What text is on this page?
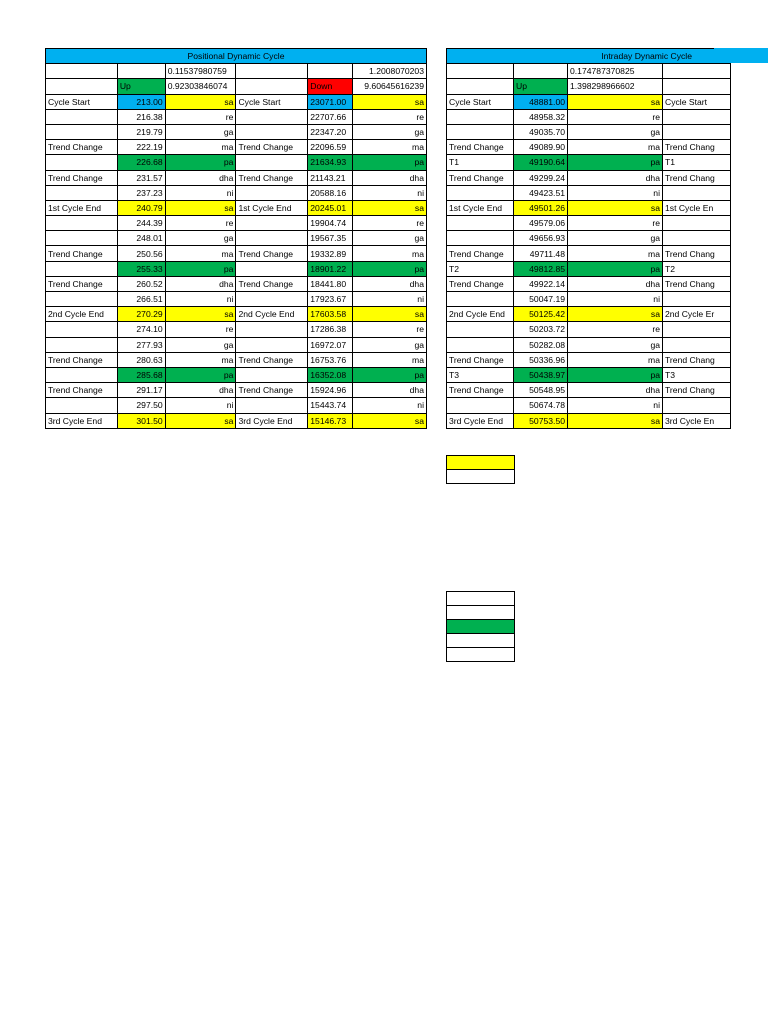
Positional Dynamic Cycle					
		0.11537980759			1.2008070203
	Up	0.92303846074		Down	9.60645616239
Cycle Start	213.00	sa	Cycle Start	23071.00	sa
	216.38	re		22707.66	re
	219.79	ga		22347.20	ga
Trend Change	222.19	ma	Trend Change	22096.59	ma
	226.68	pa		21634.93	pa
Trend Change	231.57	dha	Trend Change	21143.21	dha
	237.23	ni		20588.16	ni
1st Cycle End	240.79	sa	1st Cycle End	20245.01	sa
	244.39	re		19904.74	re
	248.01	ga		19567.35	ga
Trend Change	250.56	ma	Trend Change	19332.89	ma
	255.33	pa		18901.22	pa
Trend Change	260.52	dha	Trend Change	18441.80	dha
	266.51	ni		17923.67	ni
2nd Cycle End	270.29	sa	2nd Cycle End	17603.58	sa
	274.10	re		17286.38	re
	277.93	ga		16972.07	ga
Trend Change	280.63	ma	Trend Change	16753.76	ma
	285.68	pa		16352.08	pa
Trend Change	291.17	dha	Trend Change	15924.96	dha
	297.50	ni		15443.74	ni
3rd Cycle End	301.50	sa	3rd Cycle End	15146.73	sa
Intraday Dynamic Cycle			
		0.174787370825	
	Up	1.398298966602	
Cycle Start	48881.00	sa	Cycle Start
	48958.32	re	
	49035.70	ga	
Trend Change	49089.90	ma	Trend Chang
T1	49190.64	pa	T1
Trend Change	49299.24	dha	Trend Chang
	49423.51	ni	
1st Cycle End	49501.26	sa	1st Cycle En
	49579.06	re	
	49656.93	ga	
Trend Change	49711.48	ma	Trend Chang
T2	49812.85	pa	T2
Trend Change	49922.14	dha	Trend Chang
	50047.19	ni	
2nd Cycle End	50125.42	sa	2nd Cycle Er
	50203.72	re	
	50282.08	ga	
Trend Change	50336.96	ma	Trend Chang
T3	50438.97	pa	T3
Trend Change	50548.95	dha	Trend Chang
	50674.78	ni	
3rd Cycle End	50753.50	sa	3rd Cycle En
